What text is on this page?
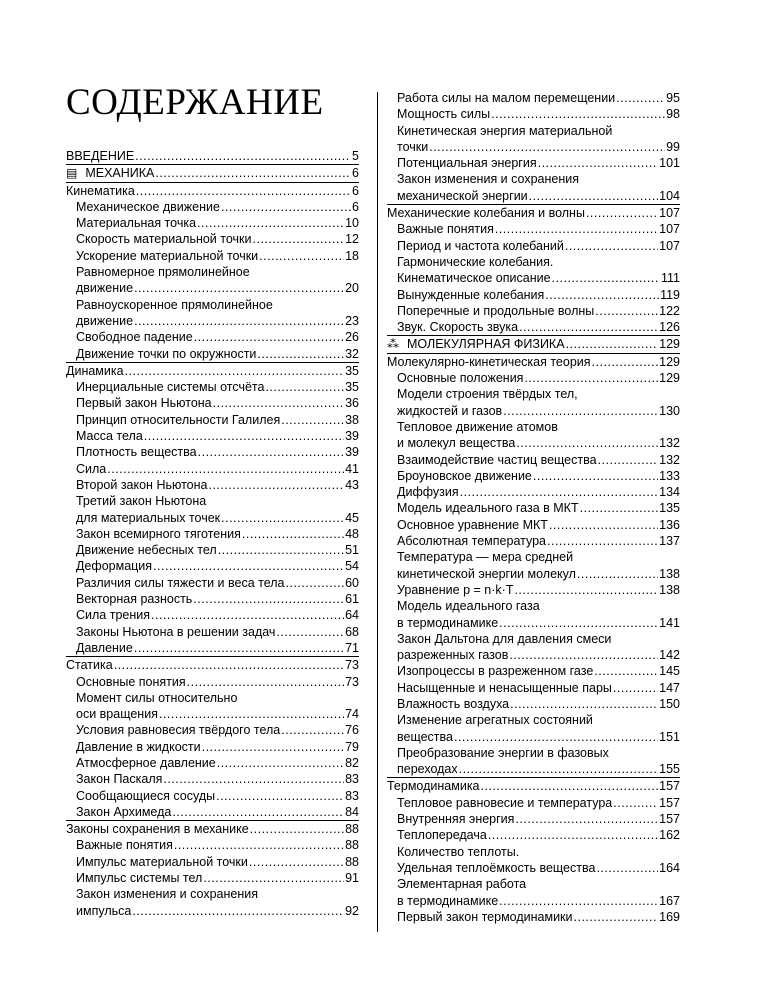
СОДЕРЖАНИЕ
ВВЕДЕНИЕ .....	5
▤ МЕХАНИКА .....	6
Кинематика .....	6
Механическое движение .....	6
Материальная точка .....	10
Скорость материальной точки .....	12
Ускорение материальной точки .....	18
Равномерное прямолинейное
движение .....	20
Равноускоренное прямолинейное
движение .....	23
Свободное падение .....	26
Движение точки по окружности .....	32
Динамика .....	35
Инерциальные системы отсчёта .....	35
Первый закон Ньютона .....	36
Принцип относительности Галилея .....	38
Масса тела .....	39
Плотность вещества .....	39
Сила .....	41
Второй закон Ньютона .....	43
Третий закон Ньютона
для материальных точек .....	45
Закон всемирного тяготения .....	48
Движение небесных тел .....	51
Деформация .....	54
Различия силы тяжести и веса тела .....	60
Векторная разность .....	61
Сила трения .....	64
Законы Ньютона в решении задач .....	68
Давление .....	71
Статика .....	73
Основные понятия .....	73
Момент силы относительно
оси вращения .....	74
Условия равновесия твёрдого тела .....	76
Давление в жидкости .....	79
Атмосферное давление .....	82
Закон Паскаля .....	83
Сообщающиеся сосуды .....	83
Закон Архимеда .....	84
Законы сохранения в механике .....	88
Важные понятия .....	88
Импульс материальной точки .....	88
Импульс системы тел .....	91
Закон изменения и сохранения
импульса .....	92
Работа силы на малом перемещении .....	95
Мощность силы .....	98
Кинетическая энергия материальной
точки .....	99
Потенциальная энергия .....	101
Закон изменения и сохранения
механической энергии .....	104
Механические колебания и волны .....	107
Важные понятия .....	107
Период и частота колебаний .....	107
Гармонические колебания.
Кинематическое описание .....	111
Вынужденные колебания .....	119
Поперечные и продольные волны .....	122
Звук. Скорость звука .....	126
⁂ МОЛЕКУЛЯРНАЯ ФИЗИКА .....	129
Молекулярно-кинетическая теория .....	129
Основные положения .....	129
Модели строения твёрдых тел,
жидкостей и газов .....	130
Тепловое движение атомов
и молекул вещества .....	132
Взаимодействие частиц вещества .....	132
Броуновское движение .....	133
Диффузия .....	134
Модель идеального газа в МКТ .....	135
Основное уравнение МКТ .....	136
Абсолютная температура .....	137
Температура — мера средней
кинетической энергии молекул .....	138
Уравнение p = n·k·T .....	138
Модель идеального газа
в термодинамике .....	141
Закон Дальтона для давления смеси
разреженных газов .....	142
Изопроцессы в разреженном газе .....	145
Насыщенные и ненасыщенные пары .....	147
Влажность воздуха .....	150
Изменение агрегатных состояний
вещества .....	151
Преобразование энергии в фазовых
переходах .....	155
Термодинамика .....	157
Тепловое равновесие и температура .....	157
Внутренняя энергия .....	157
Теплопередача .....	162
Количество теплоты.
Удельная теплоёмкость вещества .....	164
Элементарная работа
в термодинамике .....	167
Первый закон термодинамики .....	169
